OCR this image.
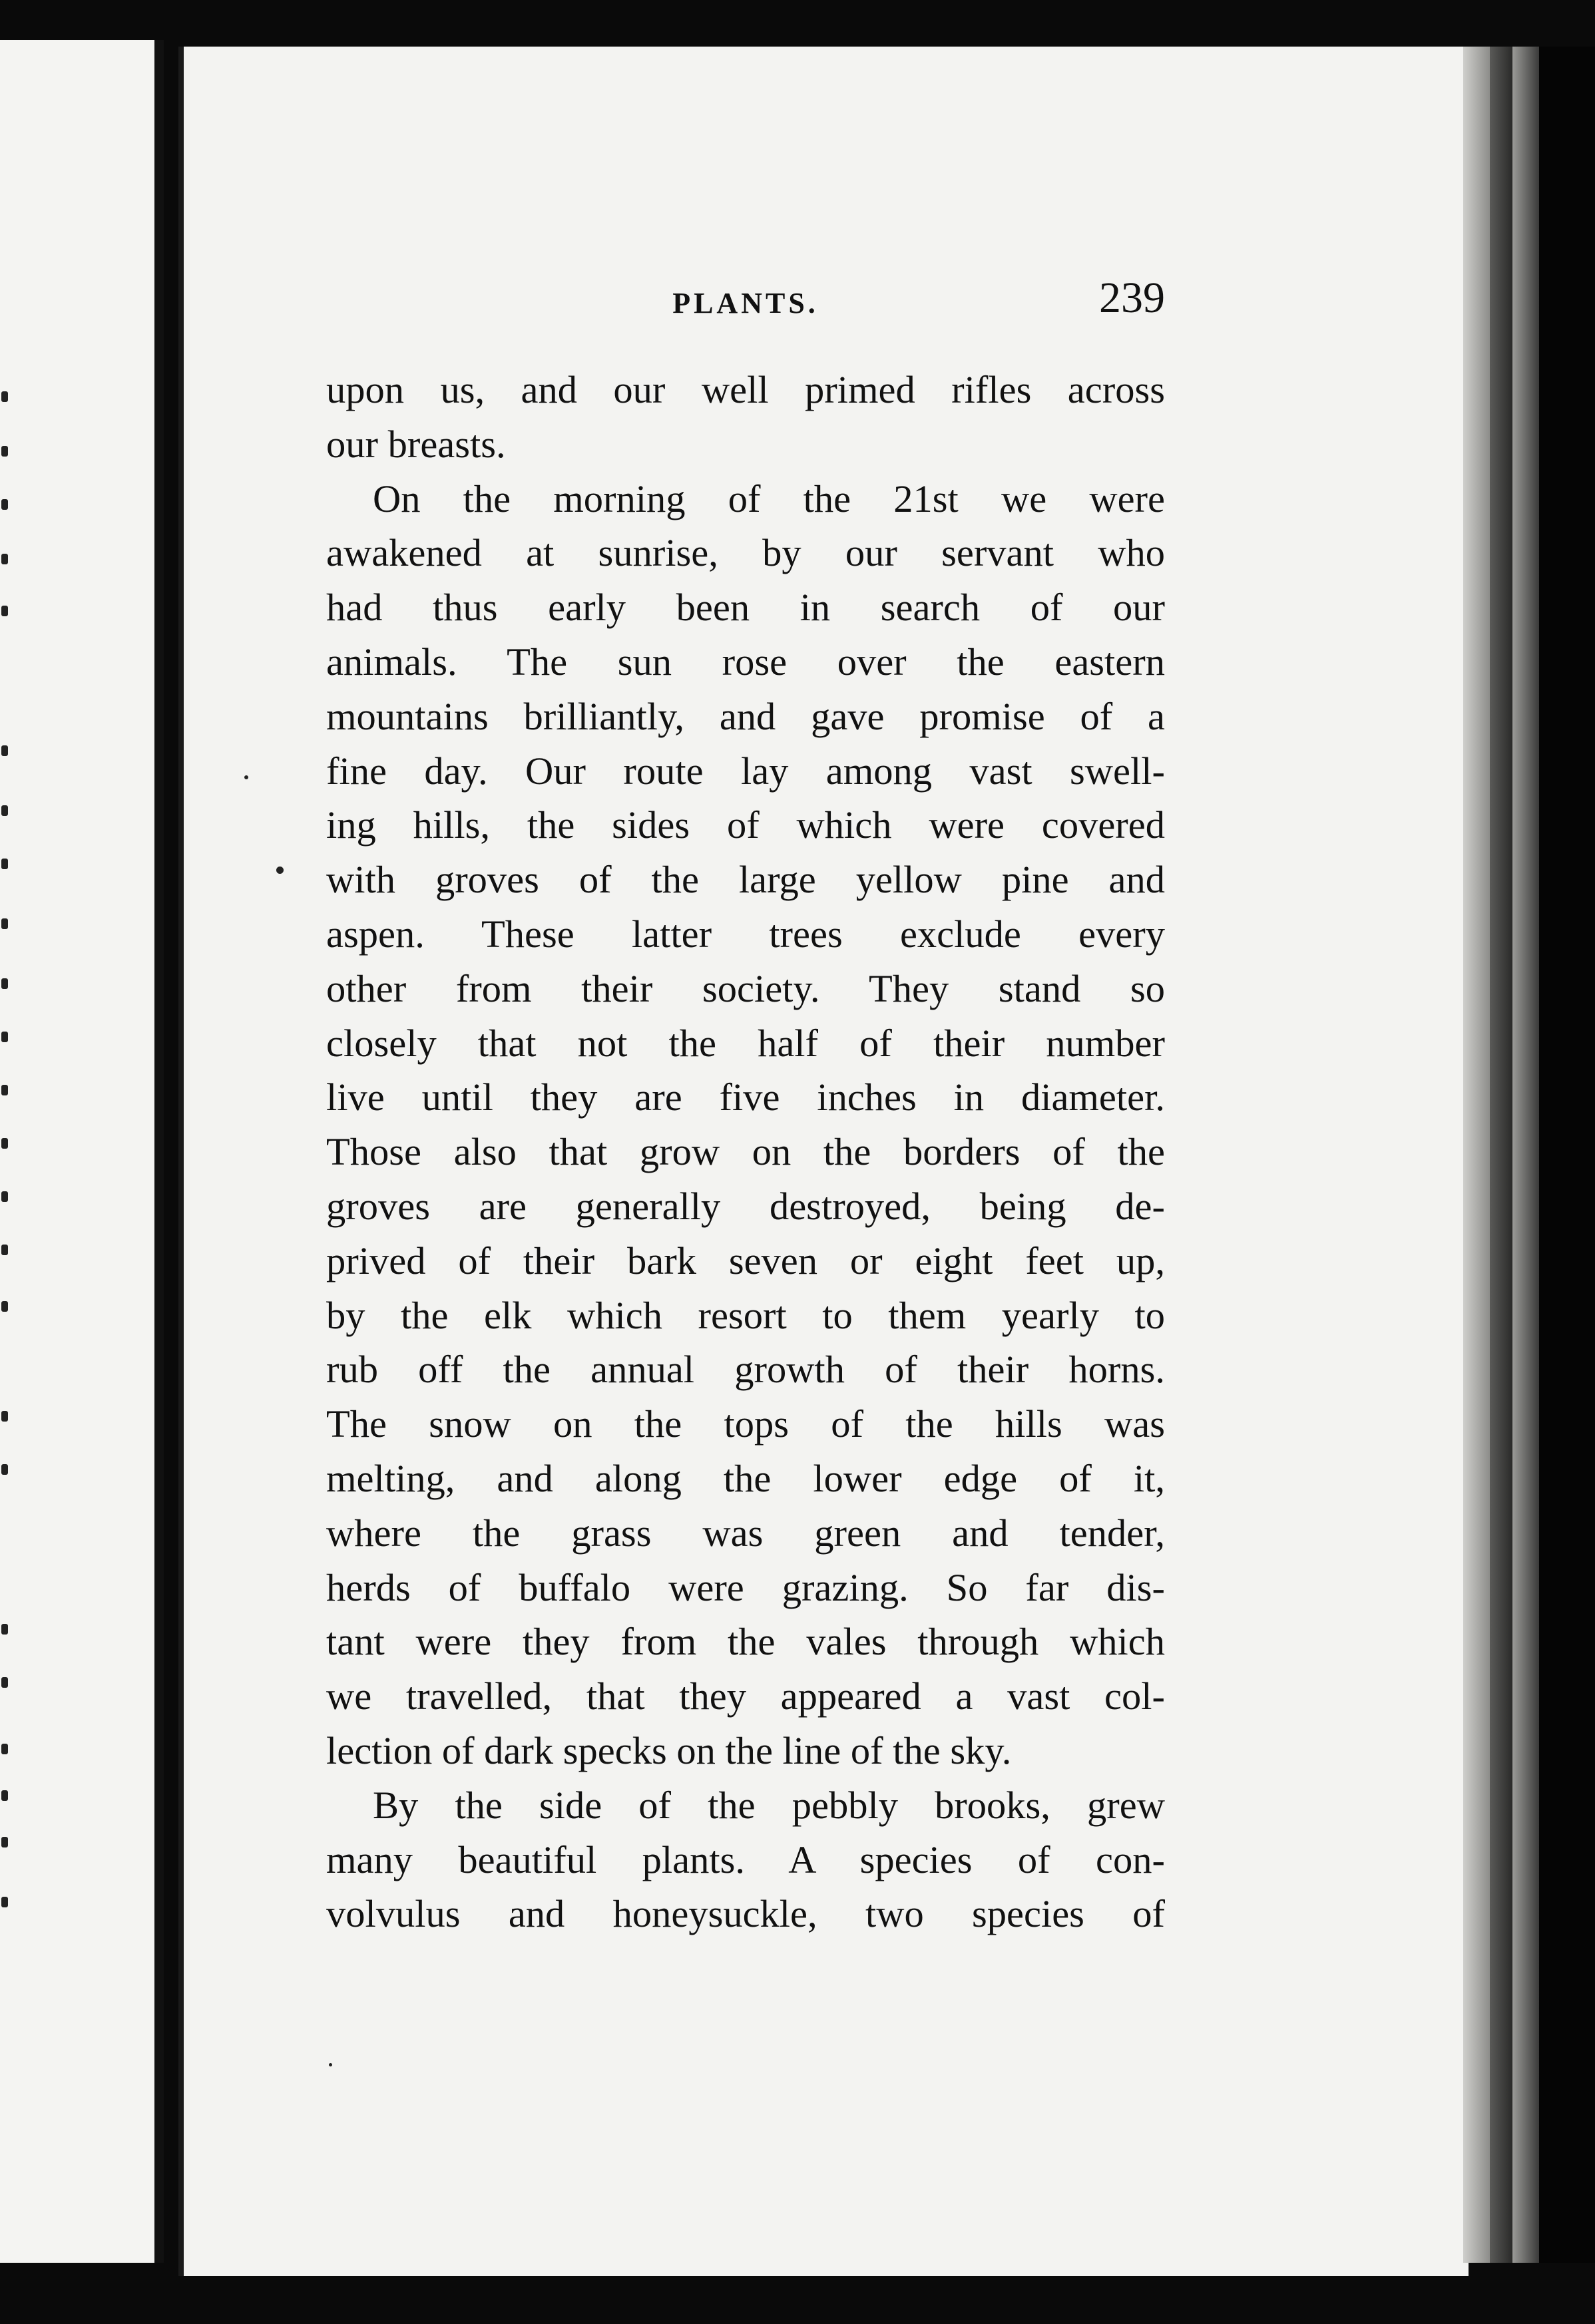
PLANTS.	239
upon us, and our well primed rifles across
our breasts.
On the morning of the 21st we were
awakened at sunrise, by our servant who
had thus early been in search of our
animals. The sun rose over the eastern
mountains brilliantly, and gave promise of a
fine day. Our route lay among vast swell-
ing hills, the sides of which were covered
with groves of the large yellow pine and
aspen. These latter trees exclude every
other from their society. They stand so
closely that not the half of their number
live until they are five inches in diameter.
Those also that grow on the borders of the
groves are generally destroyed, being de-
prived of their bark seven or eight feet up,
by the elk which resort to them yearly to
rub off the annual growth of their horns.
The snow on the tops of the hills was
melting, and along the lower edge of it,
where the grass was green and tender,
herds of buffalo were grazing. So far dis-
tant were they from the vales through which
we travelled, that they appeared a vast col-
lection of dark specks on the line of the sky.
By the side of the pebbly brooks, grew
many beautiful plants. A species of con-
volvulus and honeysuckle, two species of
